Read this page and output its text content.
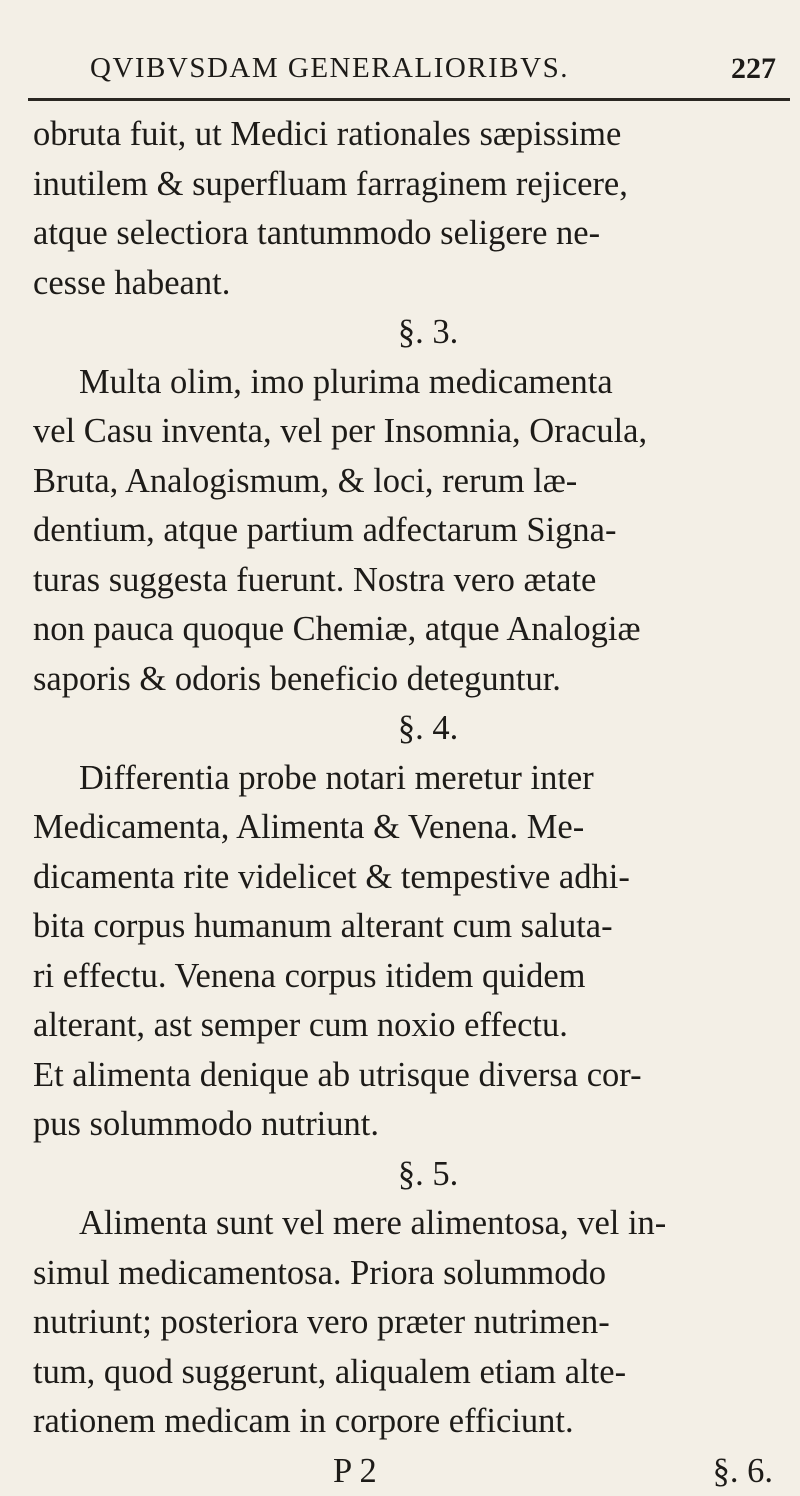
QVIBVSDAM GENERALIORIBVS.	227
obruta fuit, ut Medici rationales sæpissime
inutilem & superfluam farraginem rejicere,
atque selectiora tantummodo seligere ne-
cesse habeant.
§. 3.
Multa olim, imo plurima medicamenta
vel Casu inventa, vel per Insomnia, Oracula,
Bruta, Analogismum, & loci, rerum læ-
dentium, atque partium adfectarum Signa-
turas suggesta fuerunt. Nostra vero ætate
non pauca quoque Chemiæ, atque Analogiæ
saporis & odoris beneficio deteguntur.
§. 4.
Differentia probe notari meretur inter
Medicamenta, Alimenta & Venena. Me-
dicamenta rite videlicet & tempestive adhi-
bita corpus humanum alterant cum saluta-
ri effectu. Venena corpus itidem quidem
alterant, ast semper cum noxio effectu.
Et alimenta denique ab utrisque diversa cor-
pus solummodo nutriunt.
§. 5.
Alimenta sunt vel mere alimentosa, vel in-
simul medicamentosa. Priora solummodo
nutriunt; posteriora vero præter nutrimen-
tum, quod suggerunt, aliqualem etiam alte-
rationem medicam in corpore efficiunt.
P 2	§. 6.
